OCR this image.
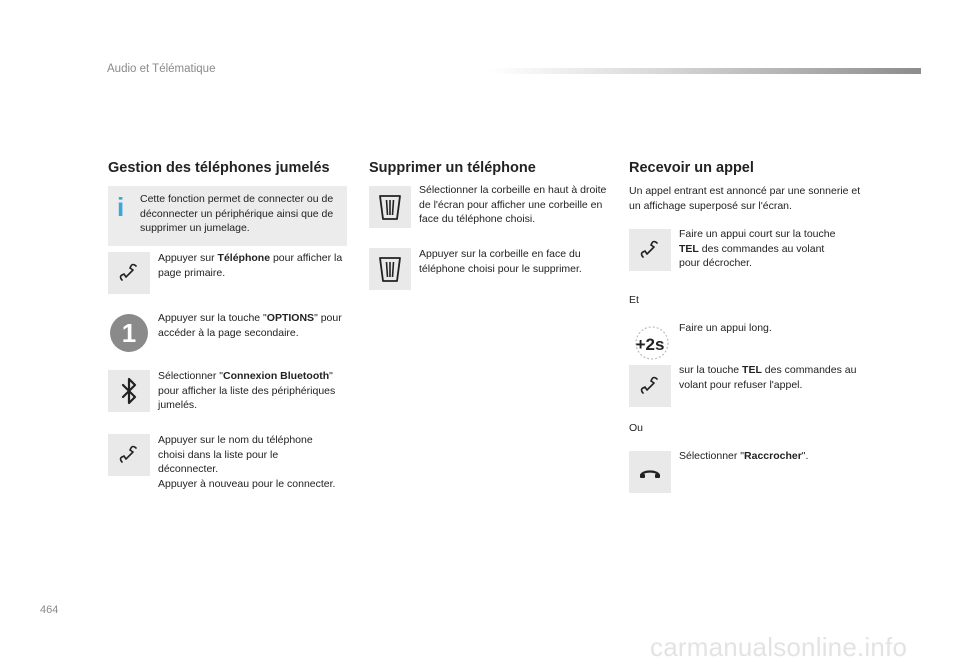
Audio et Télématique
Gestion des téléphones jumelés
i Cette fonction permet de connecter ou de déconnecter un périphérique ainsi que de supprimer un jumelage.
Appuyer sur Téléphone pour afficher la page primaire.
1 Appuyer sur la touche "OPTIONS" pour accéder à la page secondaire.
Sélectionner "Connexion Bluetooth" pour afficher la liste des périphériques jumelés.
Appuyer sur le nom du téléphone choisi dans la liste pour le déconnecter.
Appuyer à nouveau pour le connecter.
Supprimer un téléphone
Sélectionner la corbeille en haut à droite de l'écran pour afficher une corbeille en face du téléphone choisi.
Appuyer sur la corbeille en face du téléphone choisi pour le supprimer.
Recevoir un appel
Un appel entrant est annoncé par une sonnerie et un affichage superposé sur l'écran.
Faire un appui court sur la touche TEL des commandes au volant pour décrocher.
Et
+2s
Faire un appui long.
sur la touche TEL des commandes au volant pour refuser l'appel.
Ou
Sélectionner "Raccrocher".
464
carmanualsonline.info
